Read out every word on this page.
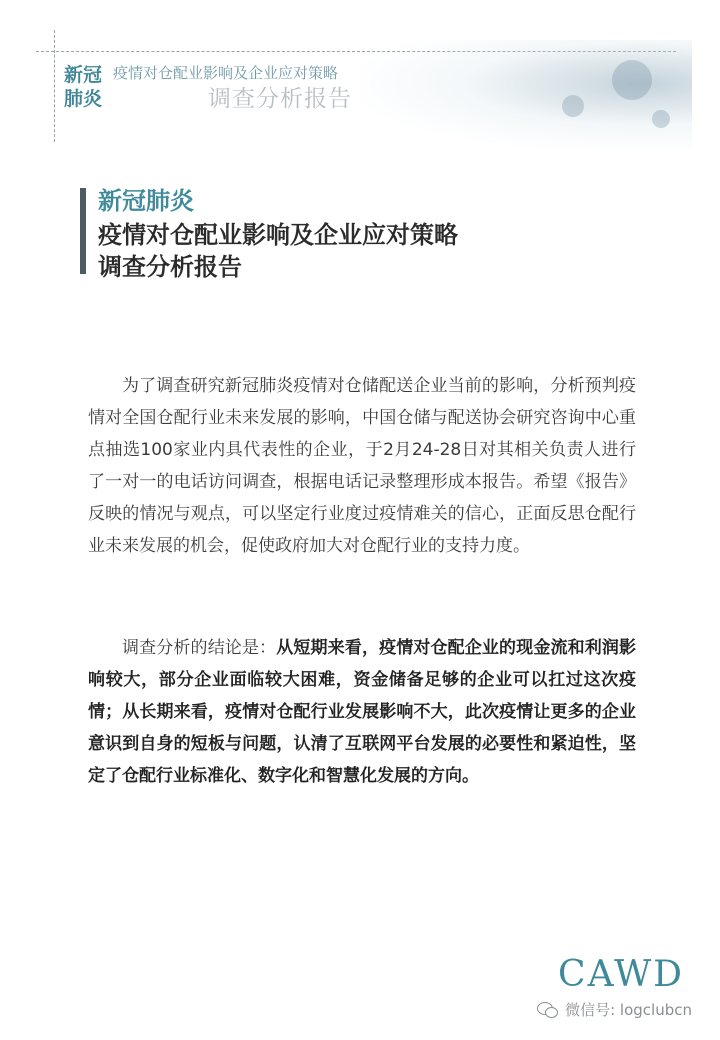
新冠肺炎
疫情对仓配业影响及企业应对策略
调查分析报告
新冠肺炎
疫情对仓配业影响及企业应对策略
调查分析报告
为了调查研究新冠肺炎疫情对仓储配送企业当前的影响，分析预判疫情对全国仓配行业未来发展的影响，中国仓储与配送协会研究咨询中心重点抽选100家业内具代表性的企业，于2月24-28日对其相关负责人进行了一对一的电话访问调查，根据电话记录整理形成本报告。希望《报告》反映的情况与观点，可以坚定行业度过疫情难关的信心，正面反思仓配行业未来发展的机会，促使政府加大对仓配行业的支持力度。
调查分析的结论是：从短期来看，疫情对仓配企业的现金流和利润影响较大，部分企业面临较大困难，资金储备足够的企业可以扛过这次疫情；从长期来看，疫情对仓配行业发展影响不大，此次疫情让更多的企业意识到自身的短板与问题，认清了互联网平台发展的必要性和紧迫性，坚定了仓配行业标准化、数字化和智慧化发展的方向。
CAWD
微信号: logclubcn
